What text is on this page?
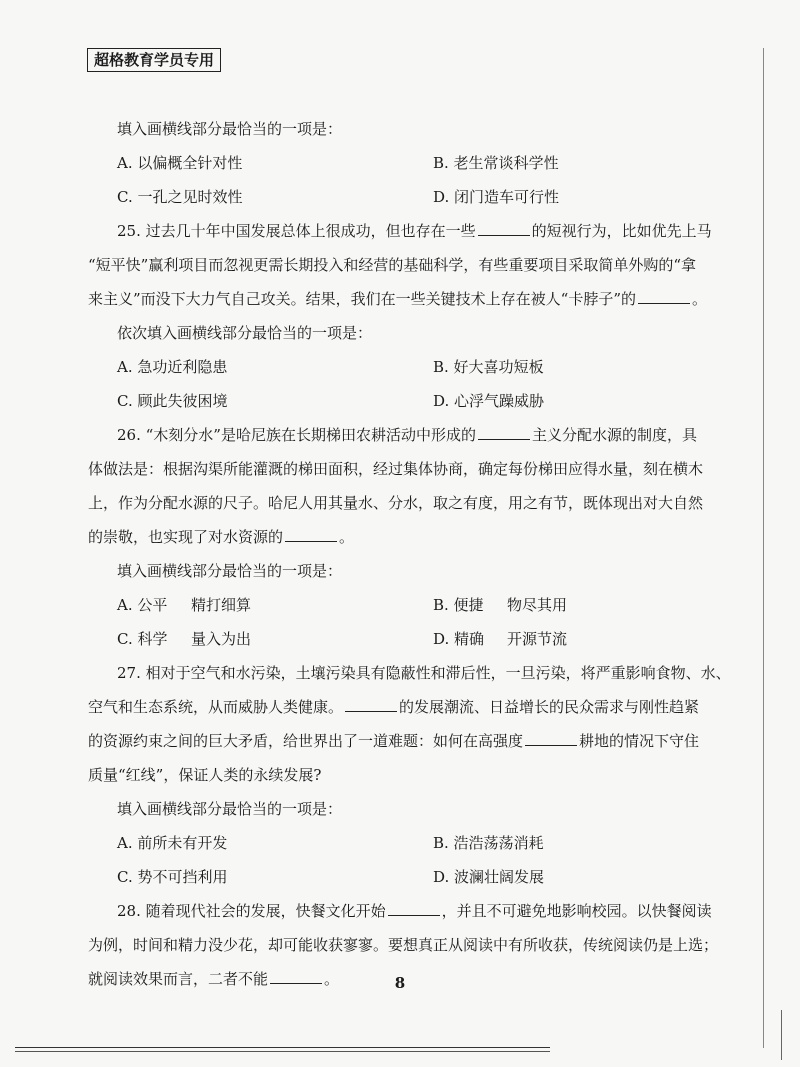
超格教育学员专用
填入画横线部分最恰当的一项是：
A. 以偏概全针对性	B. 老生常谈科学性
C. 一孔之见时效性	D. 闭门造车可行性
25. 过去几十年中国发展总体上很成功，但也存在一些	的短视行为，比如优先上马
“短平快”赢利项目而忽视更需长期投入和经营的基础科学，有些重要项目采取简单外购的“拿
来主义”而没下大力气自己攻关。结果，我们在一些关键技术上存在被人“卡脖子”的	。
依次填入画横线部分最恰当的一项是：
A. 急功近利隐患	B. 好大喜功短板
C. 顾此失彼困境	D. 心浮气躁威胁
26. “木刻分水”是哈尼族在长期梯田农耕活动中形成的	主义分配水源的制度，具
体做法是：根据沟渠所能灌溉的梯田面积，经过集体协商，确定每份梯田应得水量，刻在横木
上，作为分配水源的尺子。哈尼人用其量水、分水，取之有度，用之有节，既体现出对大自然
的崇敬，也实现了对水资源的	。
填入画横线部分最恰当的一项是：
A. 公平 精打细算	B. 便捷 物尽其用
C. 科学 量入为出	D. 精确 开源节流
27. 相对于空气和水污染，土壤污染具有隐蔽性和滞后性，一旦污染，将严重影响食物、水、
空气和生态系统，从而威胁人类健康。	的发展潮流、日益增长的民众需求与刚性趋紧
的资源约束之间的巨大矛盾，给世界出了一道难题：如何在高强度	耕地的情况下守住
质量“红线”，保证人类的永续发展?
填入画横线部分最恰当的一项是：
A. 前所未有开发	B. 浩浩荡荡消耗
C. 势不可挡利用	D. 波澜壮阔发展
28. 随着现代社会的发展，快餐文化开始	，并且不可避免地影响校园。以快餐阅读
为例，时间和精力没少花，却可能收获寥寥。要想真正从阅读中有所收获，传统阅读仍是上选；
就阅读效果而言，二者不能	。	8
